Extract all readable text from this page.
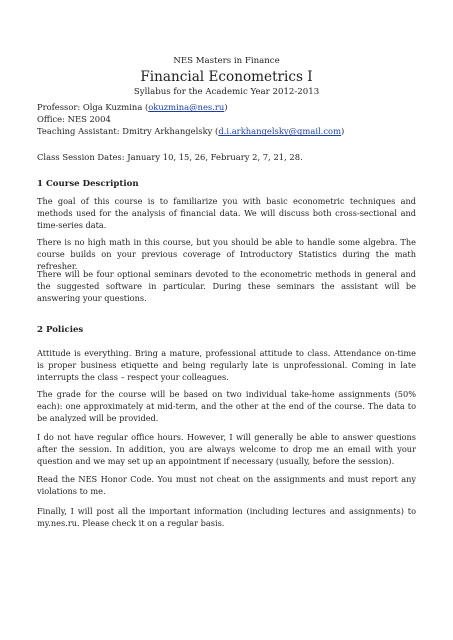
NES Masters in Finance
Financial Econometrics I
Syllabus for the Academic Year 2012-2013
Professor: Olga Kuzmina (okuzmina@nes.ru)
Office: NES 2004
Teaching Assistant: Dmitry Arkhangelsky (d.i.arkhangelsky@gmail.com)
Class Session Dates: January 10, 15, 26, February 2, 7, 21, 28.
1 Course Description
The goal of this course is to familiarize you with basic econometric techniques and methods used for the analysis of financial data. We will discuss both cross-sectional and time-series data.
There is no high math in this course, but you should be able to handle some algebra. The course builds on your previous coverage of Introductory Statistics during the math refresher.
There will be four optional seminars devoted to the econometric methods in general and the suggested software in particular. During these seminars the assistant will be answering your questions.
2 Policies
Attitude is everything. Bring a mature, professional attitude to class. Attendance on-time is proper business etiquette and being regularly late is unprofessional. Coming in late interrupts the class – respect your colleagues.
The grade for the course will be based on two individual take-home assignments (50% each): one approximately at mid-term, and the other at the end of the course. The data to be analyzed will be provided.
I do not have regular office hours. However, I will generally be able to answer questions after the session. In addition, you are always welcome to drop me an email with your question and we may set up an appointment if necessary (usually, before the session).
Read the NES Honor Code. You must not cheat on the assignments and must report any violations to me.
Finally, I will post all the important information (including lectures and assignments) to my.nes.ru. Please check it on a regular basis.
